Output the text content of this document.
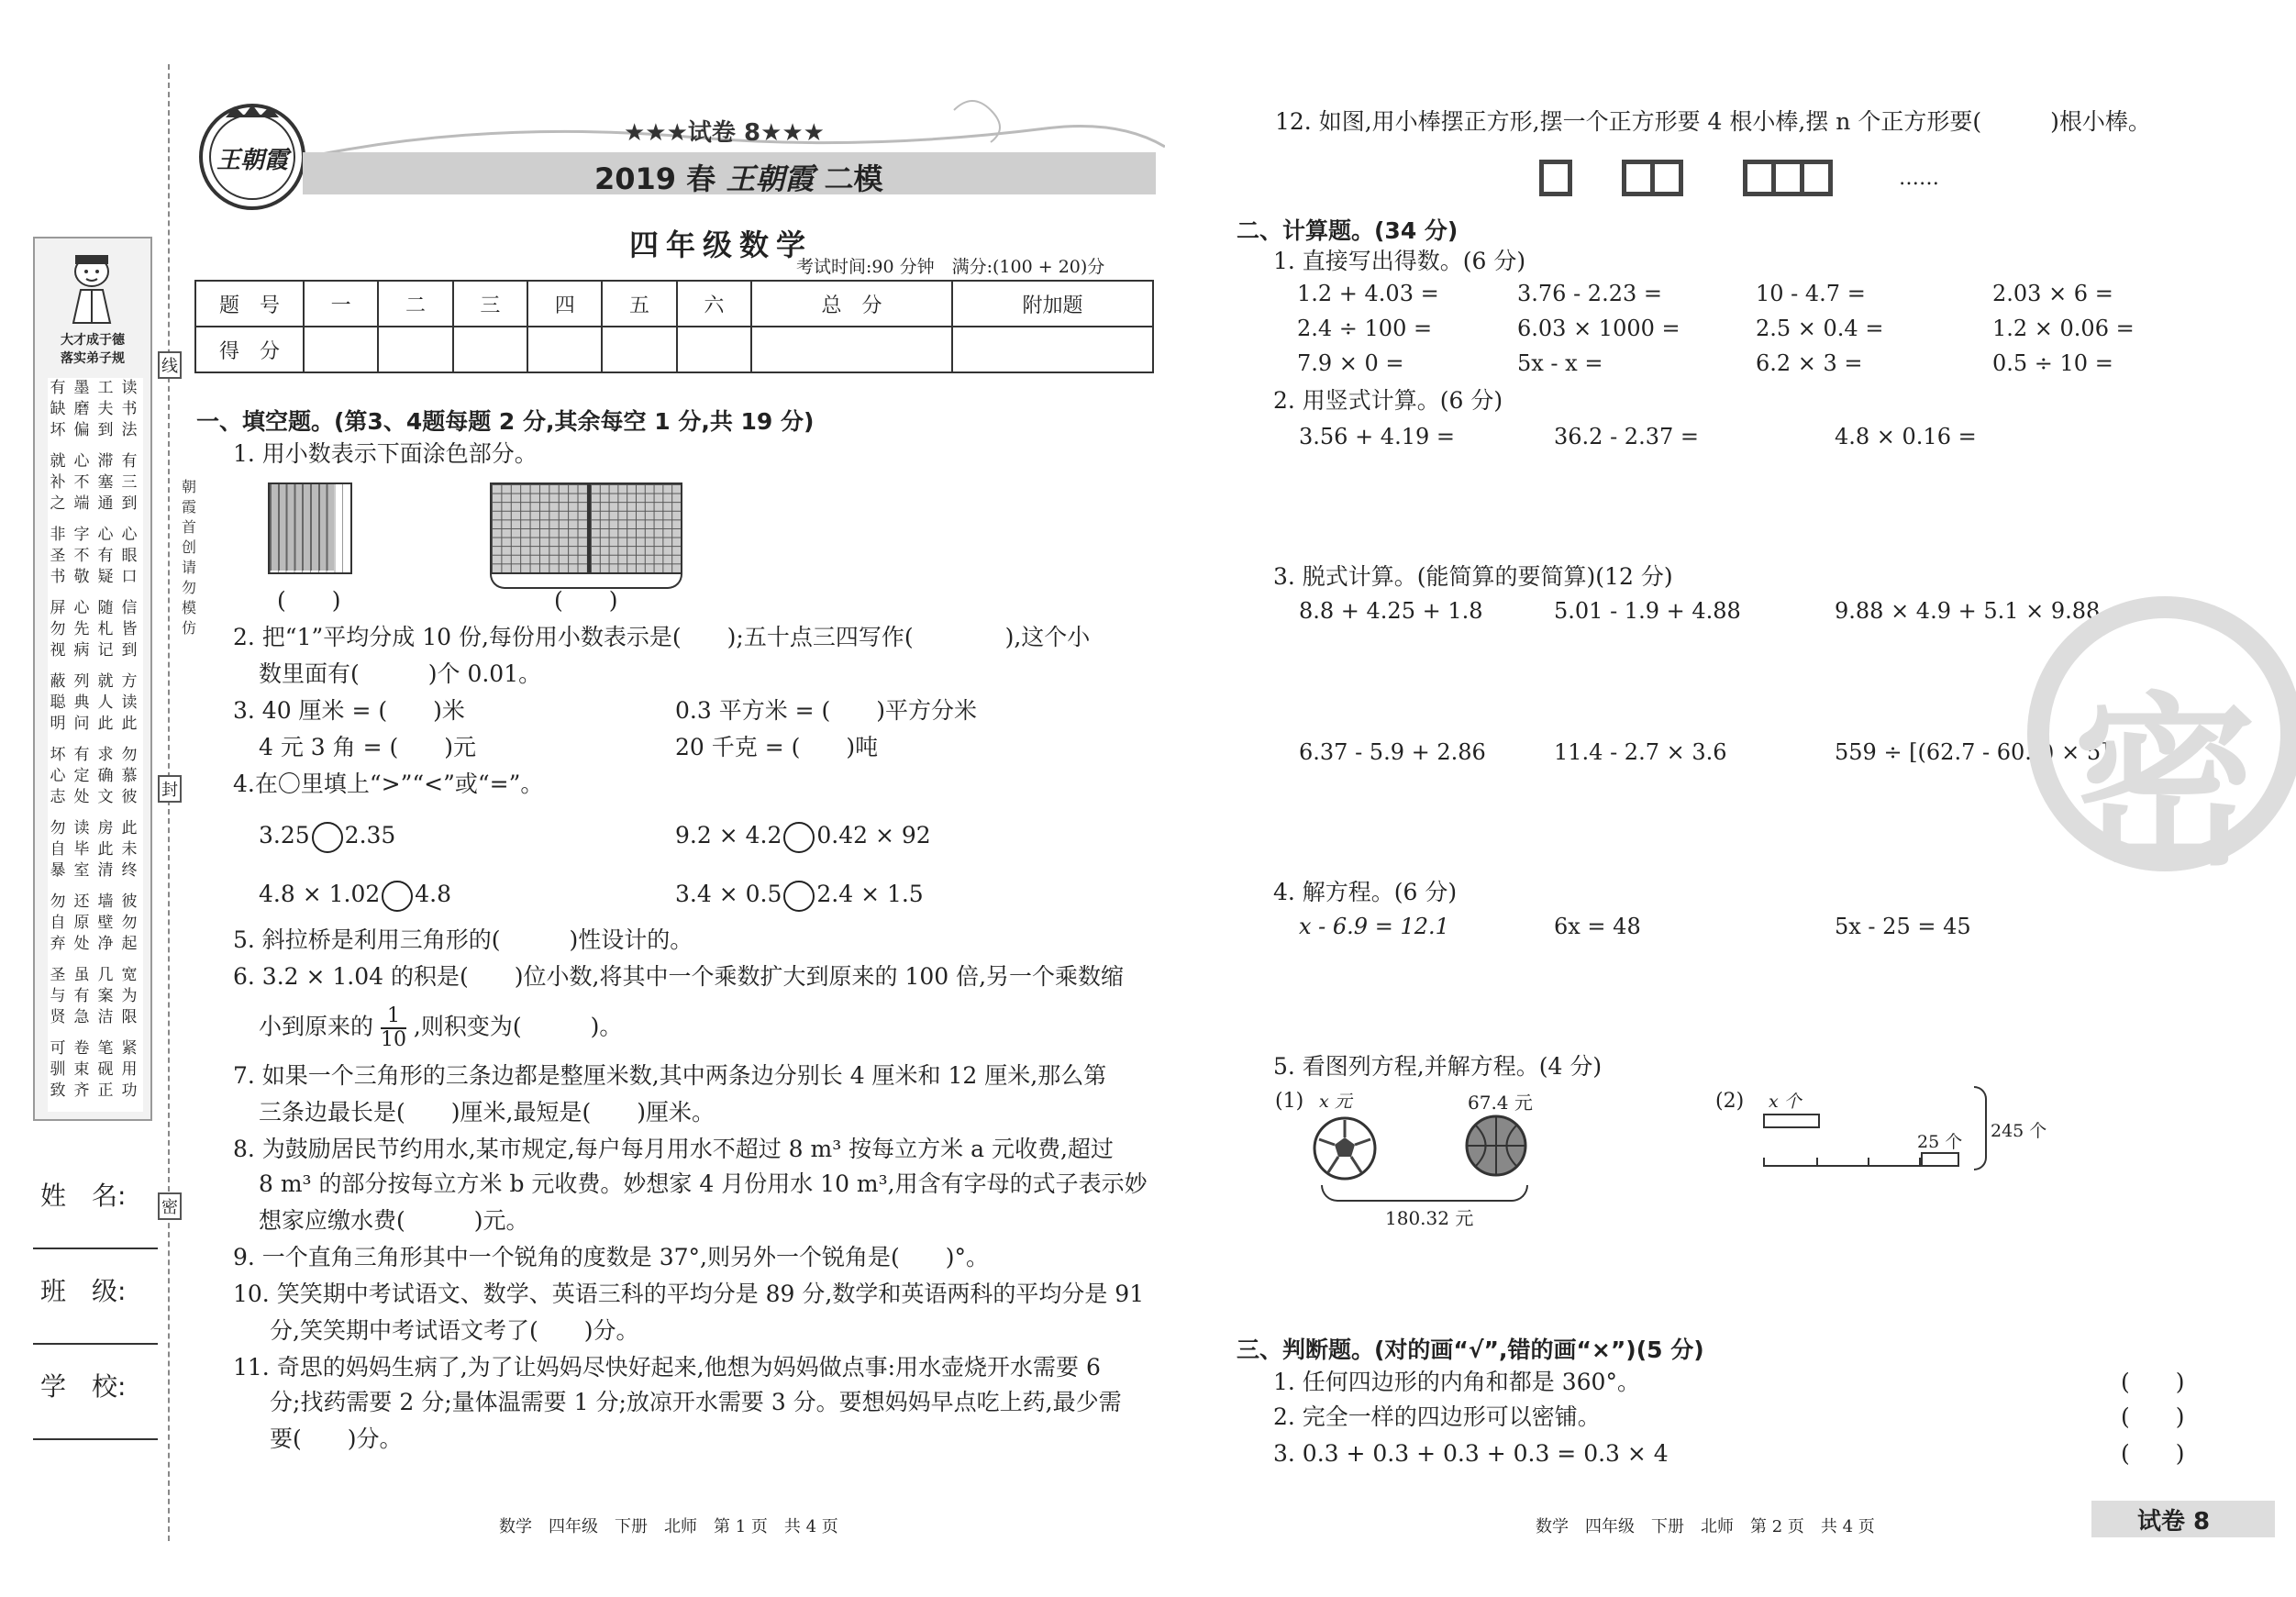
大才成于德
落实弟子规
有缺坏
墨磨偏
工夫到
读书法
就补之
心不端
滞塞通
有三到
非圣书
字不敬
心有疑
心眼口
屏勿视
心先病
随札记
信皆到
蔽聪明
列典问
就人此
方读此
坏心志
有定处
求确文
勿慕彼
勿自暴
读毕室
房此清
此未终
勿自弃
还原处
墙壁净
彼勿起
圣与贤
虽有急
几案洁
宽为限
可驯致
卷束齐
笔砚正
紧用功
姓　名:
班　级:
学　校:
线
封
密
朝霞首创　请勿模仿
王朝霞
★★★试卷 8★★★
2019 春 王朝霞 二模
四年级数学
考试时间:90 分钟　满分:(100 + 20)分
题　号	一	二	三	四	五	六	总　分	附加题
得　分								
一、填空题。(第3、4题每题 2 分,其余每空 1 分,共 19 分)
1. 用小数表示下面涂色部分。
(　　)	(　　)
2. 把“1”平均分成 10 份,每份用小数表示是(　　);五十点三四写作(　　　　),这个小
数里面有(　　　)个 0.01。
3. 40 厘米 = (　　)米	0.3 平方米 = (　　)平方分米
4 元 3 角 = (　　)元	20 千克 = (　　)吨
4.在〇里填上“>”“<”或“=”。
3.25 2.35	9.2 × 4.2 0.42 × 92
4.8 × 1.02 4.8	3.4 × 0.5 2.4 × 1.5
5. 斜拉桥是利用三角形的(　　　)性设计的。
6. 3.2 × 1.04 的积是(　　)位小数,将其中一个乘数扩大到原来的 100 倍,另一个乘数缩
小到原来的 $\frac{1}{10}$ ,则积变为(　　　)。
7. 如果一个三角形的三条边都是整厘米数,其中两条边分别长 4 厘米和 12 厘米,那么第
三条边最长是(　　)厘米,最短是(　　)厘米。
8. 为鼓励居民节约用水,某市规定,每户每月用水不超过 8 m³ 按每立方米 a 元收费,超过
8 m³ 的部分按每立方米 b 元收费。妙想家 4 月份用水 10 m³,用含有字母的式子表示妙
想家应缴水费(　　　)元。
9. 一个直角三角形其中一个锐角的度数是 37°,则另外一个锐角是(　　)°。
10. 笑笑期中考试语文、数学、英语三科的平均分是 89 分,数学和英语两科的平均分是 91
分,笑笑期中考试语文考了(　　)分。
11. 奇思的妈妈生病了,为了让妈妈尽快好起来,他想为妈妈做点事:用水壶烧开水需要 6
分;找药需要 2 分;量体温需要 1 分;放凉开水需要 3 分。要想妈妈早点吃上药,最少需
要(　　)分。
数学　四年级　下册　北师　第 1 页　共 4 页
12. 如图,用小棒摆正方形,摆一个正方形要 4 根小棒,摆 n 个正方形要(　　　)根小棒。
……
二、计算题。(34 分)
1. 直接写出得数。(6 分)
1.2 + 4.03 =	3.76 - 2.23 =	10 - 4.7 =	2.03 × 6 =
2.4 ÷ 100 =	6.03 × 1000 =	2.5 × 0.4 =	1.2 × 0.06 =
7.9 × 0 =	5x - x =	6.2 × 3 =	0.5 ÷ 10 =
2. 用竖式计算。(6 分)
3.56 + 4.19 =	36.2 - 2.37 =	4.8 × 0.16 =
3. 脱式计算。(能简算的要简算)(12 分)
8.8 + 4.25 + 1.8	5.01 - 1.9 + 4.88	9.88 × 4.9 + 5.1 × 9.88
6.37 - 5.9 + 2.86	11.4 - 2.7 × 3.6	559 ÷ [(62.7 - 60.1) × 5]
4. 解方程。(6 分)
x - 6.9 = 12.1	6x = 48	5x - 25 = 45
5. 看图列方程,并解方程。(4 分)
(1) x 元	67.4 元
180.32 元
(2) x 个
25 个
245 个
三、判断题。(对的画“√”,错的画“×”)(5 分)
1. 任何四边形的内角和都是 360°。	(　　)
2. 完全一样的四边形可以密铺。	(　　)
3. 0.3 + 0.3 + 0.3 + 0.3 = 0.3 × 4	(　　)
数学　四年级　下册　北师　第 2 页　共 4 页	试卷 8
密
